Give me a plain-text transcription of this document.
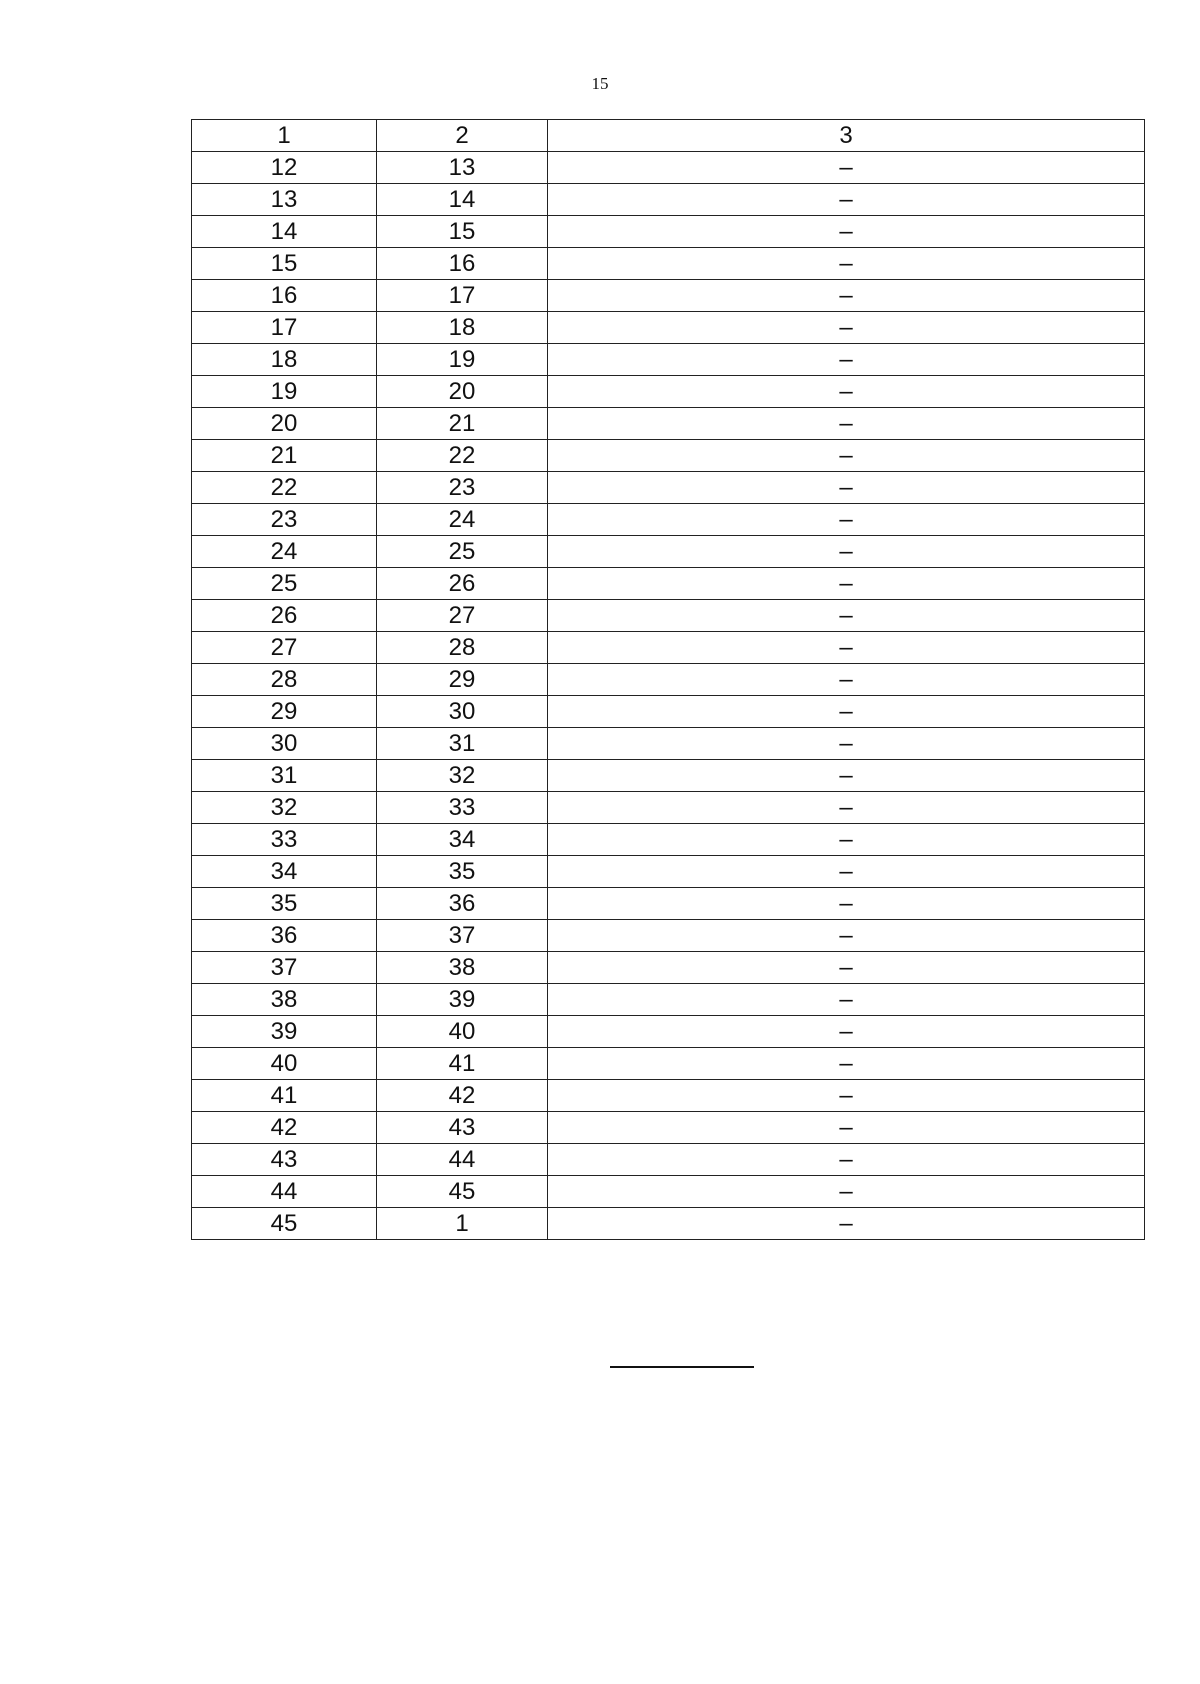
15
1	2	3
12	13	–
13	14	–
14	15	–
15	16	–
16	17	–
17	18	–
18	19	–
19	20	–
20	21	–
21	22	–
22	23	–
23	24	–
24	25	–
25	26	–
26	27	–
27	28	–
28	29	–
29	30	–
30	31	–
31	32	–
32	33	–
33	34	–
34	35	–
35	36	–
36	37	–
37	38	–
38	39	–
39	40	–
40	41	–
41	42	–
42	43	–
43	44	–
44	45	–
45	1	–
